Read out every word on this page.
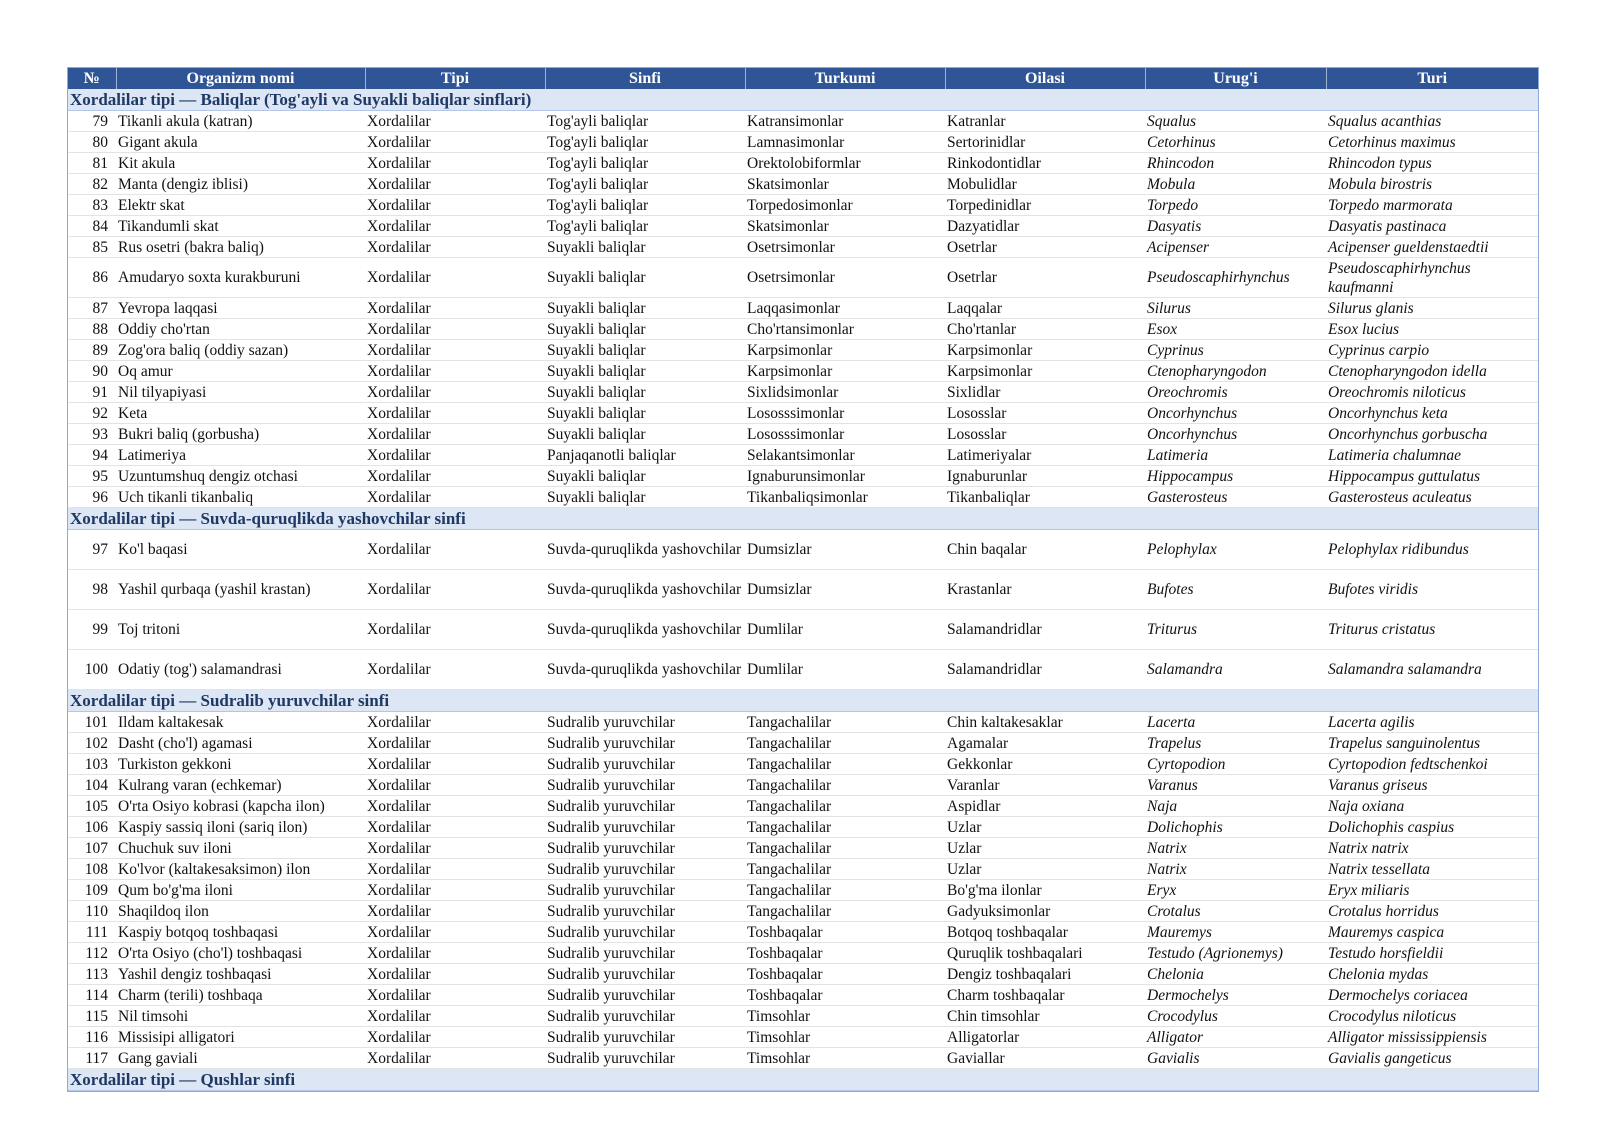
№	Organizm nomi	Tipi	Sinfi	Turkumi	Oilasi	Urug'i	Turi
Xordalilar tipi — Baliqlar (Tog'ayli va Suyakli baliqlar sinflari)							
79	Tikanli akula (katran)	Xordalilar	Tog'ayli baliqlar	Katransimonlar	Katranlar	Squalus	Squalus acanthias
80	Gigant akula	Xordalilar	Tog'ayli baliqlar	Lamnasimonlar	Sertorinidlar	Cetorhinus	Cetorhinus maximus
81	Kit akula	Xordalilar	Tog'ayli baliqlar	Orektolobiformlar	Rinkodontidlar	Rhincodon	Rhincodon typus
82	Manta (dengiz iblisi)	Xordalilar	Tog'ayli baliqlar	Skatsimonlar	Mobulidlar	Mobula	Mobula birostris
83	Elektr skat	Xordalilar	Tog'ayli baliqlar	Torpedosimonlar	Torpedinidlar	Torpedo	Torpedo marmorata
84	Tikandumli skat	Xordalilar	Tog'ayli baliqlar	Skatsimonlar	Dazyatidlar	Dasyatis	Dasyatis pastinaca
85	Rus osetri (bakra baliq)	Xordalilar	Suyakli baliqlar	Osetrsimonlar	Osetrlar	Acipenser	Acipenser gueldenstaedtii
86	Amudaryo soxta kurakburuni	Xordalilar	Suyakli baliqlar	Osetrsimonlar	Osetrlar	Pseudoscaphirhynchus	Pseudoscaphirhynchus kaufmanni
87	Yevropa laqqasi	Xordalilar	Suyakli baliqlar	Laqqasimonlar	Laqqalar	Silurus	Silurus glanis
88	Oddiy cho'rtan	Xordalilar	Suyakli baliqlar	Cho'rtansimonlar	Cho'rtanlar	Esox	Esox lucius
89	Zog'ora baliq (oddiy sazan)	Xordalilar	Suyakli baliqlar	Karpsimonlar	Karpsimonlar	Cyprinus	Cyprinus carpio
90	Oq amur	Xordalilar	Suyakli baliqlar	Karpsimonlar	Karpsimonlar	Ctenopharyngodon	Ctenopharyngodon idella
91	Nil tilyapiyasi	Xordalilar	Suyakli baliqlar	Sixlidsimonlar	Sixlidlar	Oreochromis	Oreochromis niloticus
92	Keta	Xordalilar	Suyakli baliqlar	Lososssimonlar	Lososslar	Oncorhynchus	Oncorhynchus keta
93	Bukri baliq (gorbusha)	Xordalilar	Suyakli baliqlar	Lososssimonlar	Lososslar	Oncorhynchus	Oncorhynchus gorbuscha
94	Latimeriya	Xordalilar	Panjaqanotli baliqlar	Selakantsimonlar	Latimeriyalar	Latimeria	Latimeria chalumnae
95	Uzuntumshuq dengiz otchasi	Xordalilar	Suyakli baliqlar	Ignaburunsimonlar	Ignaburunlar	Hippocampus	Hippocampus guttulatus
96	Uch tikanli tikanbaliq	Xordalilar	Suyakli baliqlar	Tikanbaliqsimonlar	Tikanbaliqlar	Gasterosteus	Gasterosteus aculeatus
Xordalilar tipi — Suvda-quruqlikda yashovchilar sinfi							
97	Ko'l baqasi	Xordalilar	Suvda-quruqlikda yashovchilar	Dumsizlar	Chin baqalar	Pelophylax	Pelophylax ridibundus
98	Yashil qurbaqa (yashil krastan)	Xordalilar	Suvda-quruqlikda yashovchilar	Dumsizlar	Krastanlar	Bufotes	Bufotes viridis
99	Toj tritoni	Xordalilar	Suvda-quruqlikda yashovchilar	Dumlilar	Salamandridlar	Triturus	Triturus cristatus
100	Odatiy (tog') salamandrasi	Xordalilar	Suvda-quruqlikda yashovchilar	Dumlilar	Salamandridlar	Salamandra	Salamandra salamandra
Xordalilar tipi — Sudralib yuruvchilar sinfi							
101	Ildam kaltakesak	Xordalilar	Sudralib yuruvchilar	Tangachalilar	Chin kaltakesaklar	Lacerta	Lacerta agilis
102	Dasht (cho'l) agamasi	Xordalilar	Sudralib yuruvchilar	Tangachalilar	Agamalar	Trapelus	Trapelus sanguinolentus
103	Turkiston gekkoni	Xordalilar	Sudralib yuruvchilar	Tangachalilar	Gekkonlar	Cyrtopodion	Cyrtopodion fedtschenkoi
104	Kulrang varan (echkemar)	Xordalilar	Sudralib yuruvchilar	Tangachalilar	Varanlar	Varanus	Varanus griseus
105	O'rta Osiyo kobrasi (kapcha ilon)	Xordalilar	Sudralib yuruvchilar	Tangachalilar	Aspidlar	Naja	Naja oxiana
106	Kaspiy sassiq iloni (sariq ilon)	Xordalilar	Sudralib yuruvchilar	Tangachalilar	Uzlar	Dolichophis	Dolichophis caspius
107	Chuchuk suv iloni	Xordalilar	Sudralib yuruvchilar	Tangachalilar	Uzlar	Natrix	Natrix natrix
108	Ko'lvor (kaltakesaksimon) ilon	Xordalilar	Sudralib yuruvchilar	Tangachalilar	Uzlar	Natrix	Natrix tessellata
109	Qum bo'g'ma iloni	Xordalilar	Sudralib yuruvchilar	Tangachalilar	Bo'g'ma ilonlar	Eryx	Eryx miliaris
110	Shaqildoq ilon	Xordalilar	Sudralib yuruvchilar	Tangachalilar	Gadyuksimonlar	Crotalus	Crotalus horridus
111	Kaspiy botqoq toshbaqasi	Xordalilar	Sudralib yuruvchilar	Toshbaqalar	Botqoq toshbaqalar	Mauremys	Mauremys caspica
112	O'rta Osiyo (cho'l) toshbaqasi	Xordalilar	Sudralib yuruvchilar	Toshbaqalar	Quruqlik toshbaqalari	Testudo (Agrionemys)	Testudo horsfieldii
113	Yashil dengiz toshbaqasi	Xordalilar	Sudralib yuruvchilar	Toshbaqalar	Dengiz toshbaqalari	Chelonia	Chelonia mydas
114	Charm (terili) toshbaqa	Xordalilar	Sudralib yuruvchilar	Toshbaqalar	Charm toshbaqalar	Dermochelys	Dermochelys coriacea
115	Nil timsohi	Xordalilar	Sudralib yuruvchilar	Timsohlar	Chin timsohlar	Crocodylus	Crocodylus niloticus
116	Missisipi alligatori	Xordalilar	Sudralib yuruvchilar	Timsohlar	Alligatorlar	Alligator	Alligator mississippiensis
117	Gang gaviali	Xordalilar	Sudralib yuruvchilar	Timsohlar	Gaviallar	Gavialis	Gavialis gangeticus
Xordalilar tipi — Qushlar sinfi							
